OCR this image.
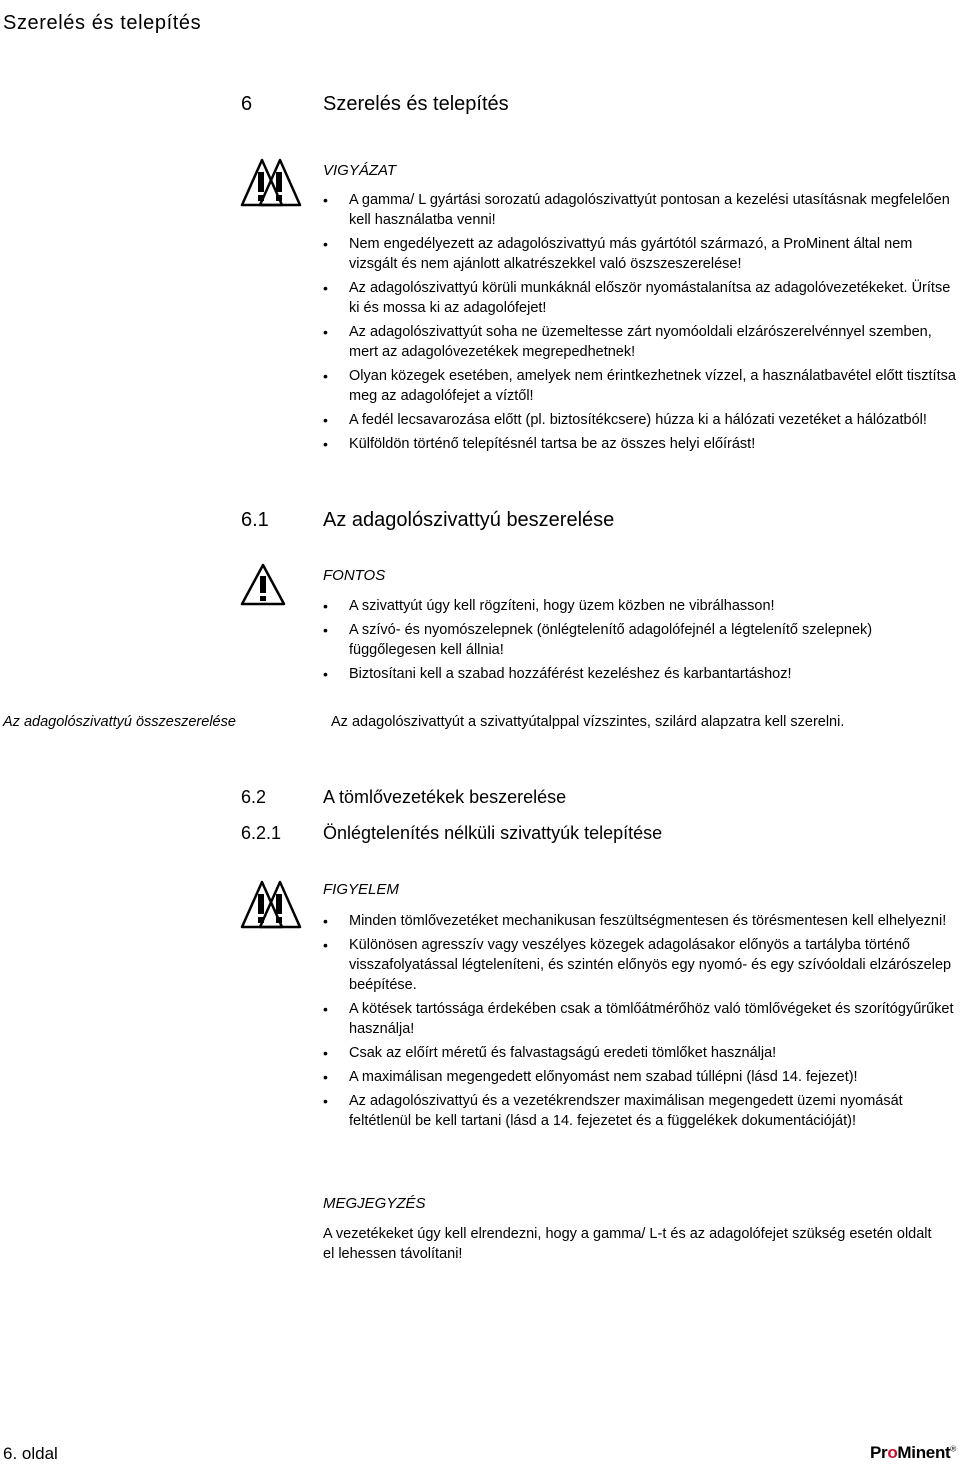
Szerelés és telepítés
6	Szerelés és telepítés
VIGYÁZAT
• A gamma/ L gyártási sorozatú adagolószivattyút pontosan a kezelési utasításnak megfelelően kell használatba venni!
• Nem engedélyezett az adagolószivattyú más gyártótól származó, a ProMinent által nem vizsgált és nem ajánlott alkatrészekkel való öszszeszerelése!
• Az adagolószivattyú körüli munkáknál először nyomástalanítsa az adagolóvezetékeket. Ürítse ki és mossa ki az adagolófejet!
• Az adagolószivattyút soha ne üzemeltesse zárt nyomóoldali elzárószerelvénnyel szemben, mert az adagolóvezetékek megrepedhetnek!
• Olyan közegek esetében, amelyek nem érintkezhetnek vízzel, a használatbavétel előtt tisztítsa meg az adagolófejet a víztől!
• A fedél lecsavarozása előtt (pl. biztosítékcsere) húzza ki a hálózati vezetéket a hálózatból!
• Külföldön történő telepítésnél tartsa be az összes helyi előírást!
6.1	Az adagolószivattyú beszerelése
FONTOS
• A szivattyút úgy kell rögzíteni, hogy üzem közben ne vibrálhasson!
• A szívó- és nyomószelepnek (önlégtelenítő adagolófejnél a légtelenítő szelepnek) függőlegesen kell állnia!
• Biztosítani kell a szabad hozzáférést kezeléshez és karbantartáshoz!
Az adagolószivattyú összeszerelése	Az adagolószivattyút a szivattyútalppal vízszintes, szilárd alapzatra kell szerelni.
6.2	A tömlővezetékek beszerelése
6.2.1 Önlégtelenítés nélküli szivattyúk telepítése
FIGYELEM
• Minden tömlővezetéket mechanikusan feszültségmentesen és törésmentesen kell elhelyezni!
• Különösen agresszív vagy veszélyes közegek adagolásakor előnyös a tartályba történő visszafolyatással légteleníteni, és szintén előnyös egy nyomó- és egy szívóoldali elzárószelep beépítése.
• A kötések tartóssága érdekében csak a tömlőátmérőhöz való tömlővégeket és szorítógyűrűket használja!
• Csak az előírt méretű és falvastagságú eredeti tömlőket használja!
• A maximálisan megengedett előnyomást nem szabad túllépni (lásd 14. fejezet)!
• Az adagolószivattyú és a vezetékrendszer maximálisan megengedett üzemi nyomását feltétlenül be kell tartani (lásd a 14. fejezetet és a függelékek dokumentációját)!
MEGJEGYZÉS
A vezetékeket úgy kell elrendezni, hogy a gamma/ L-t és az adagolófejet szükség esetén oldalt el lehessen távolítani!
6. oldal	ProMinent®
